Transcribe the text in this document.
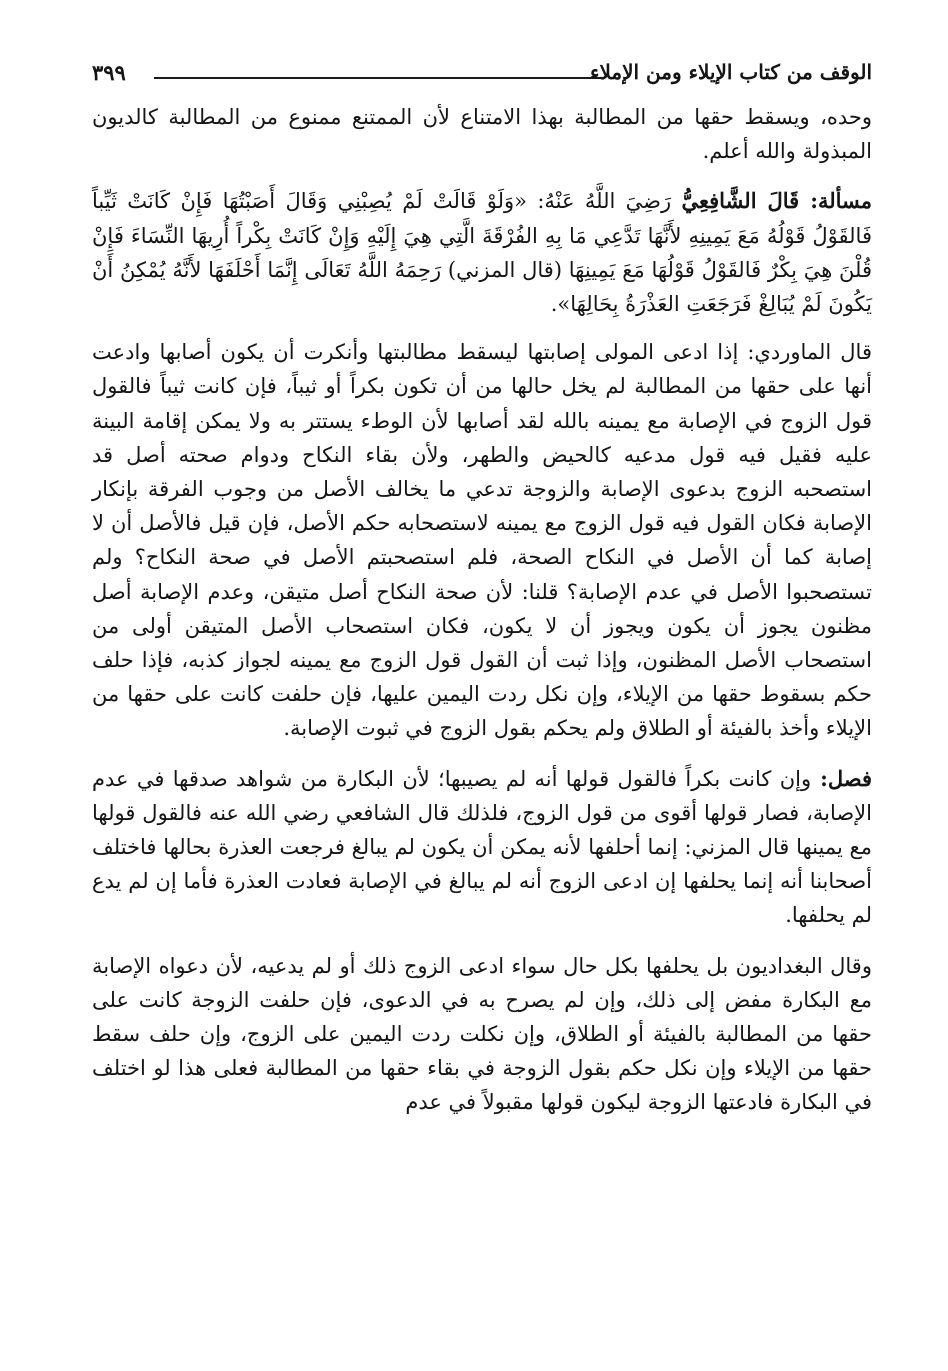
الوقف من كتاب الإيلاء ومن الإملاء
٣٩٩

وحده، ويسقط حقها من المطالبة بهذا الامتناع لأن الممتنع ممنوع من المطالبة كالديون المبذولة والله أعلم.

مسألة: قَالَ الشَّافِعِيُّ رَضِيَ اللَّهُ عَنْهُ: «وَلَوْ قَالَتْ لَمْ يُصِبْنِي وَقَالَ أَصَبْتُهَا فَإِنْ كَانَتْ ثَيِّباً فَالقَوْلُ قَوْلُهُ مَعَ يَمِينِهِ لأَنَّهَا تَدَّعِي مَا بِهِ الفُرْقَةَ الَّتِي هِيَ إِلَيْهِ وَإِنْ كَانَتْ بِكْراً أُرِيهَا النِّسَاءَ فَإِنْ قُلْنَ هِيَ بِكْرٌ فَالقَوْلُ قَوْلُهَا مَعَ يَمِينِهَا (قال المزني) رَحِمَهُ اللَّهُ تَعَالَى إِنَّمَا أَحْلَفَهَا لأَنَّهُ يُمْكِنُ أَنْ يَكُونَ لَمْ يُبَالِغْ فَرَجَعَتِ العَذْرَةُ بِحَالِهَا».

قال الماوردي: إذا ادعى المولى إصابتها ليسقط مطالبتها وأنكرت أن يكون أصابها وادعت أنها على حقها من المطالبة لم يخل حالها من أن تكون بكراً أو ثيباً، فإن كانت ثيباً فالقول قول الزوج في الإصابة مع يمينه بالله لقد أصابها لأن الوطء يستتر به ولا يمكن إقامة البينة عليه فقيل فيه قول مدعيه كالحيض والطهر، ولأن بقاء النكاح ودوام صحته أصل قد استصحبه الزوج بدعوى الإصابة والزوجة تدعي ما يخالف الأصل من وجوب الفرقة بإنكار الإصابة فكان القول فيه قول الزوج مع يمينه لاستصحابه حكم الأصل، فإن قيل فالأصل أن لا إصابة كما أن الأصل في النكاح الصحة، فلم استصحبتم الأصل في صحة النكاح؟ ولم تستصحبوا الأصل في عدم الإصابة؟ قلنا: لأن صحة النكاح أصل متيقن، وعدم الإصابة أصل مظنون يجوز أن يكون ويجوز أن لا يكون، فكان استصحاب الأصل المتيقن أولى من استصحاب الأصل المظنون، وإذا ثبت أن القول قول الزوج مع يمينه لجواز كذبه، فإذا حلف حكم بسقوط حقها من الإيلاء، وإن نكل ردت اليمين عليها، فإن حلفت كانت على حقها من الإيلاء وأخذ بالفيئة أو الطلاق ولم يحكم بقول الزوج في ثبوت الإصابة.

فصل: وإن كانت بكراً فالقول قولها أنه لم يصيبها؛ لأن البكارة من شواهد صدقها في عدم الإصابة، فصار قولها أقوى من قول الزوج، فلذلك قال الشافعي رضي الله عنه فالقول قولها مع يمينها قال المزني: إنما أحلفها لأنه يمكن أن يكون لم يبالغ فرجعت العذرة بحالها فاختلف أصحابنا أنه إنما يحلفها إن ادعى الزوج أنه لم يبالغ في الإصابة فعادت العذرة فأما إن لم يدع لم يحلفها.

وقال البغداديون بل يحلفها بكل حال سواء ادعى الزوج ذلك أو لم يدعيه، لأن دعواه الإصابة مع البكارة مفض إلى ذلك، وإن لم يصرح به في الدعوى، فإن حلفت الزوجة كانت على حقها من المطالبة بالفيئة أو الطلاق، وإن نكلت ردت اليمين على الزوج، وإن حلف سقط حقها من الإيلاء وإن نكل حكم بقول الزوجة في بقاء حقها من المطالبة فعلى هذا لو اختلف في البكارة فادعتها الزوجة ليكون قولها مقبولاً في عدم
